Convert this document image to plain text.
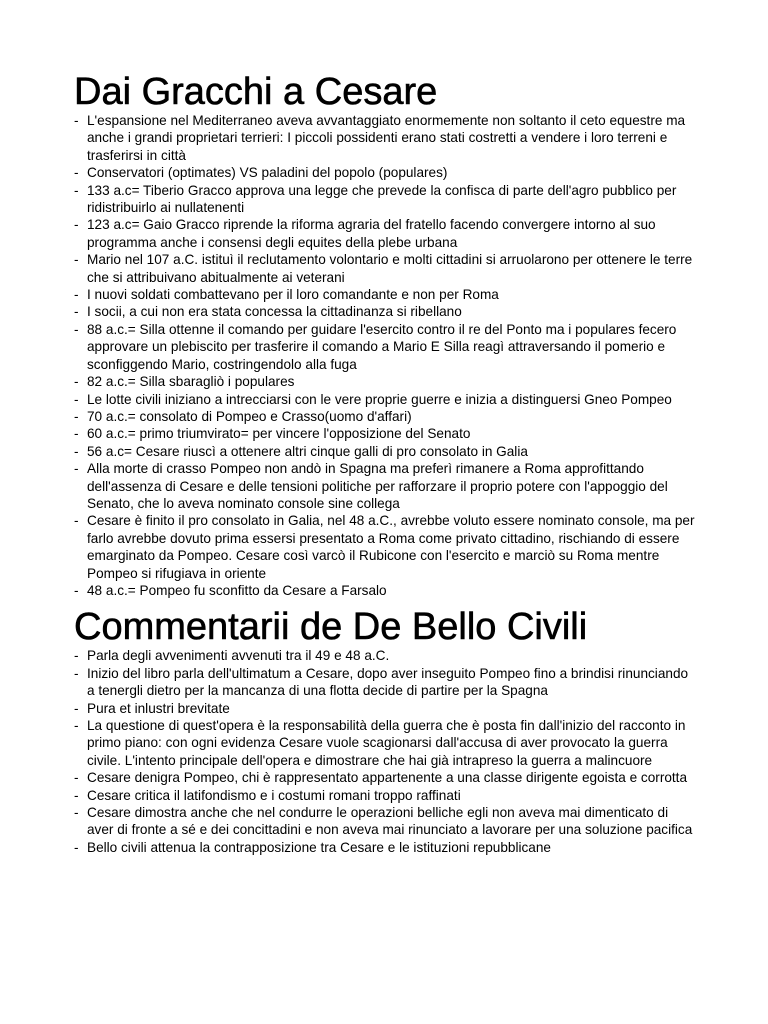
Dai Gracchi a Cesare
- L'espansione nel Mediterraneo aveva avvantaggiato enormemente non soltanto il ceto equestre ma anche i grandi proprietari terrieri: I piccoli possidenti erano stati costretti a vendere i loro terreni e trasferirsi in città
- Conservatori (optimates) VS paladini del popolo (populares)
- 133 a.c= Tiberio Gracco approva una legge che prevede la confisca di parte dell'agro pubblico per ridistribuirlo ai nullatenenti
- 123 a.c= Gaio Gracco riprende la riforma agraria del fratello facendo convergere intorno al suo programma anche i consensi degli equites della plebe urbana
- Mario nel 107 a.C. istituì il reclutamento volontario e molti cittadini si arruolarono per ottenere le terre che si attribuivano abitualmente ai veterani
- I nuovi soldati combattevano per il loro comandante e non per Roma
- I socii, a cui non era stata concessa la cittadinanza si ribellano
- 88 a.c.= Silla ottenne il comando per guidare l'esercito contro il re del Ponto ma i populares fecero approvare un plebiscito per trasferire il comando a Mario E Silla reagì attraversando il pomerio e sconfiggendo Mario, costringendolo alla fuga
- 82 a.c.= Silla sbaragliò i populares
- Le lotte civili iniziano a intrecciarsi con le vere proprie guerre e inizia a distinguersi Gneo Pompeo
- 70 a.c.= consolato di Pompeo e Crasso(uomo d'affari)
- 60 a.c.= primo triumvirato= per vincere l'opposizione del Senato
- 56 a.c= Cesare riuscì a ottenere altri cinque galli di pro consolato in Galia
- Alla morte di crasso Pompeo non andò in Spagna ma preferì rimanere a Roma approfittando dell'assenza di Cesare e delle tensioni politiche per rafforzare il proprio potere con l'appoggio del Senato, che lo aveva nominato console sine collega
- Cesare è finito il pro consolato in Galia, nel 48 a.C., avrebbe voluto essere nominato console, ma per farlo avrebbe dovuto prima essersi presentato a Roma come privato cittadino, rischiando di essere emarginato da Pompeo. Cesare così varcò il Rubicone con l'esercito e marciò su Roma mentre Pompeo si rifugiava in oriente
- 48 a.c.= Pompeo fu sconfitto da Cesare a Farsalo
Commentarii de De Bello Civili
- Parla degli avvenimenti avvenuti tra il 49 e 48 a.C.
- Inizio del libro parla dell'ultimatum a Cesare, dopo aver inseguito Pompeo fino a brindisi rinunciando a tenergli dietro per la mancanza di una flotta decide di partire per la Spagna
- Pura et inlustri brevitate
- La questione di quest'opera è la responsabilità della guerra che è posta fin dall'inizio del racconto in primo piano: con ogni evidenza Cesare vuole scagionarsi dall'accusa di aver provocato la guerra civile. L'intento principale dell'opera e dimostrare che hai già intrapreso la guerra a malincuore
- Cesare denigra Pompeo, chi è rappresentato appartenente a una classe dirigente egoista e corrotta
- Cesare critica il latifondismo e i costumi romani troppo raffinati
- Cesare dimostra anche che nel condurre le operazioni belliche egli non aveva mai dimenticato di aver di fronte a sé e dei concittadini e non aveva mai rinunciato a lavorare per una soluzione pacifica
- Bello civili attenua la contrapposizione tra Cesare e le istituzioni repubblicane
